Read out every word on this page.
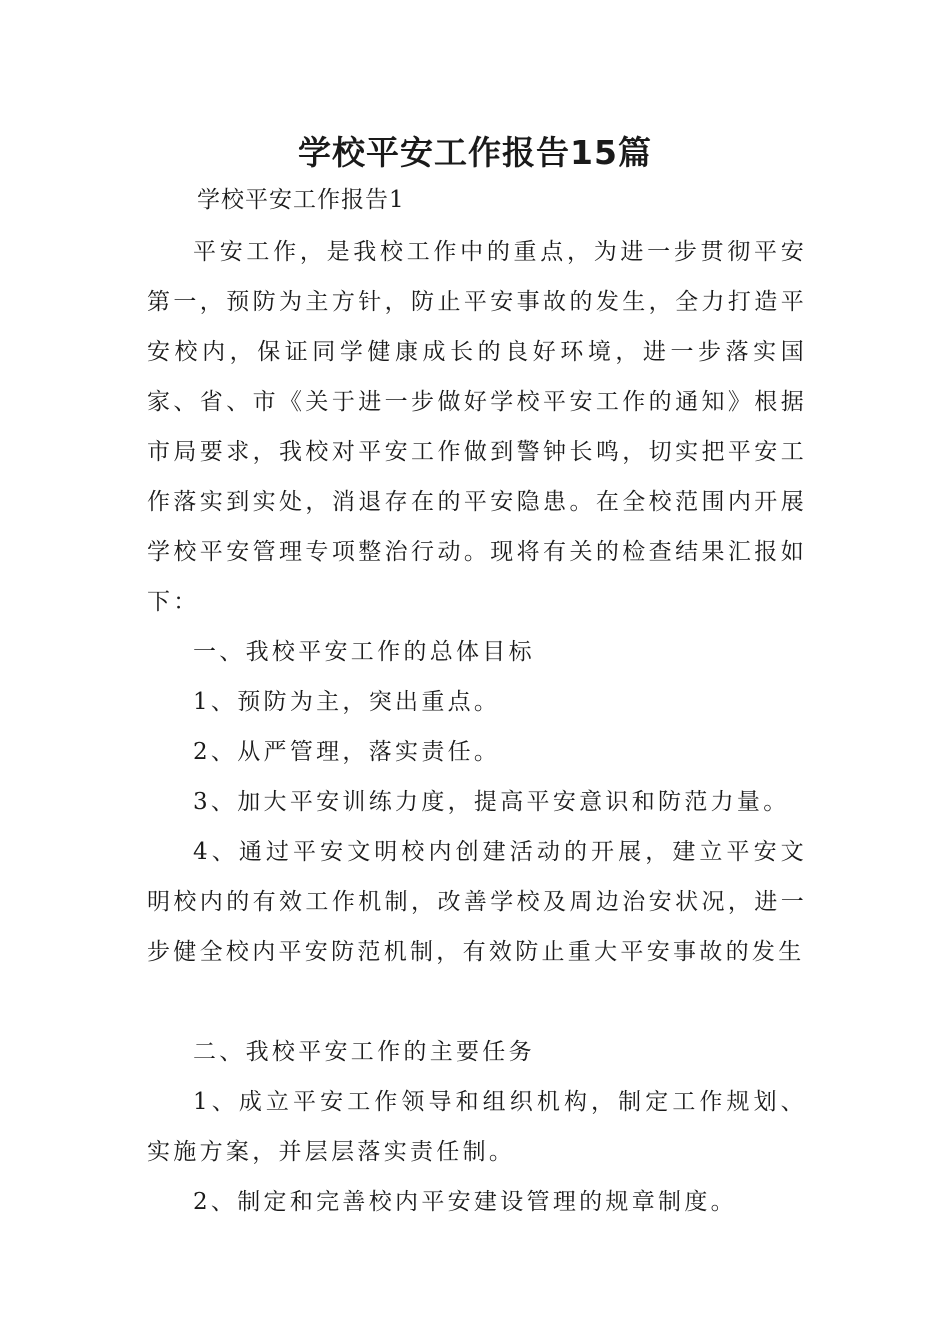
学校平安工作报告15篇
学校平安工作报告1

平安工作，是我校工作中的重点，为进一步贯彻平安第一，预防为主方针，防止平安事故的发生，全力打造平安校内，保证同学健康成长的良好环境，进一步落实国家、省、市《关于进一步做好学校平安工作的通知》根据市局要求，我校对平安工作做到警钟长鸣，切实把平安工作落实到实处，消退存在的平安隐患。在全校范围内开展学校平安管理专项整治行动。现将有关的检查结果汇报如下：

一、我校平安工作的总体目标

1、预防为主，突出重点。

2、从严管理，落实责任。

3、加大平安训练力度，提高平安意识和防范力量。

4、通过平安文明校内创建活动的开展，建立平安文明校内的有效工作机制，改善学校及周边治安状况，进一步健全校内平安防范机制，有效防止重大平安事故的发生

二、我校平安工作的主要任务

1、成立平安工作领导和组织机构，制定工作规划、实施方案，并层层落实责任制。

2、制定和完善校内平安建设管理的规章制度。
